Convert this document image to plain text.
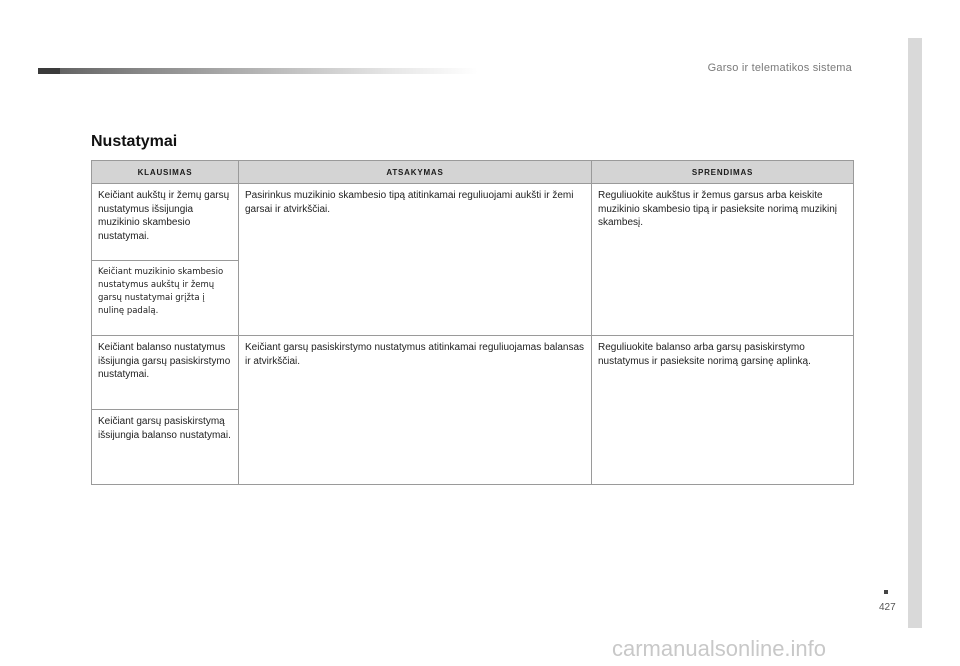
Garso ir telematikos sistema
427
Nustatymai
KLAUSIMAS	ATSAKYMAS	SPRENDIMAS
Keičiant aukštų ir žemų garsų nustatymus išsijungia muzikinio skambesio nustatymai.	Pasirinkus muzikinio skambesio tipą atitinkamai reguliuojami aukšti ir žemi garsai ir atvirkščiai.	Reguliuokite aukštus ir žemus garsus arba keiskite muzikinio skambesio tipą ir pasieksite norimą muzikinį skambesį.
Keičiant muzikinio skambesio nustatymus aukštų ir žemų garsų nustatymai grįžta į nulinę padalą.		
Keičiant balanso nustatymus išsijungia garsų pasiskirstymo nustatymai.	Keičiant garsų pasiskirstymo nustatymus atitinkamai reguliuojamas balansas ir atvirkščiai.	Reguliuokite balanso arba garsų pasiskirstymo nustatymus ir pasieksite norimą garsinę aplinką.
Keičiant garsų pasiskirstymą išsijungia balanso nustatymai.		
carmanualsonline.info
